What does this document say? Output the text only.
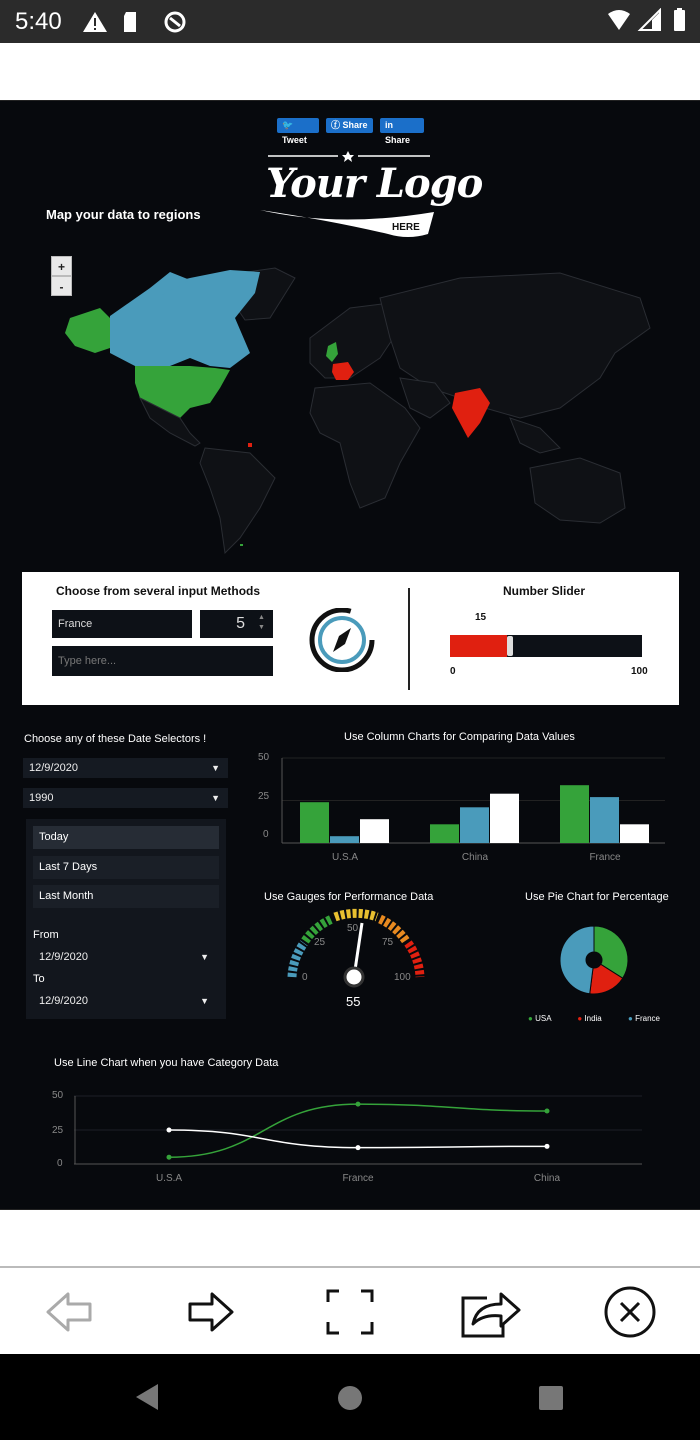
5:40
🐦 Tweet
ⓕ Share	in Share
HERE
Your Logo
Map your data to regions
+
-
Choose from several input Methods
France	5	▲
▼
Type here...
Number Slider
15
0	100
Choose any of these Date Selectors !
12/9/2020	▼
1990	▼
Today
Last 7 Days
Last Month
From
12/9/2020	▼
To
12/9/2020	▼
Use Column Charts for Comparing Data Values
50
25
0
U.S.A	China	France
Use Gauges for Performance Data
0
25
50
75
100
55
Use Pie Chart for Percentage
● USA	● India	● France
Use Line Chart when you have Category Data
50
25
0
U.S.A	France	China
